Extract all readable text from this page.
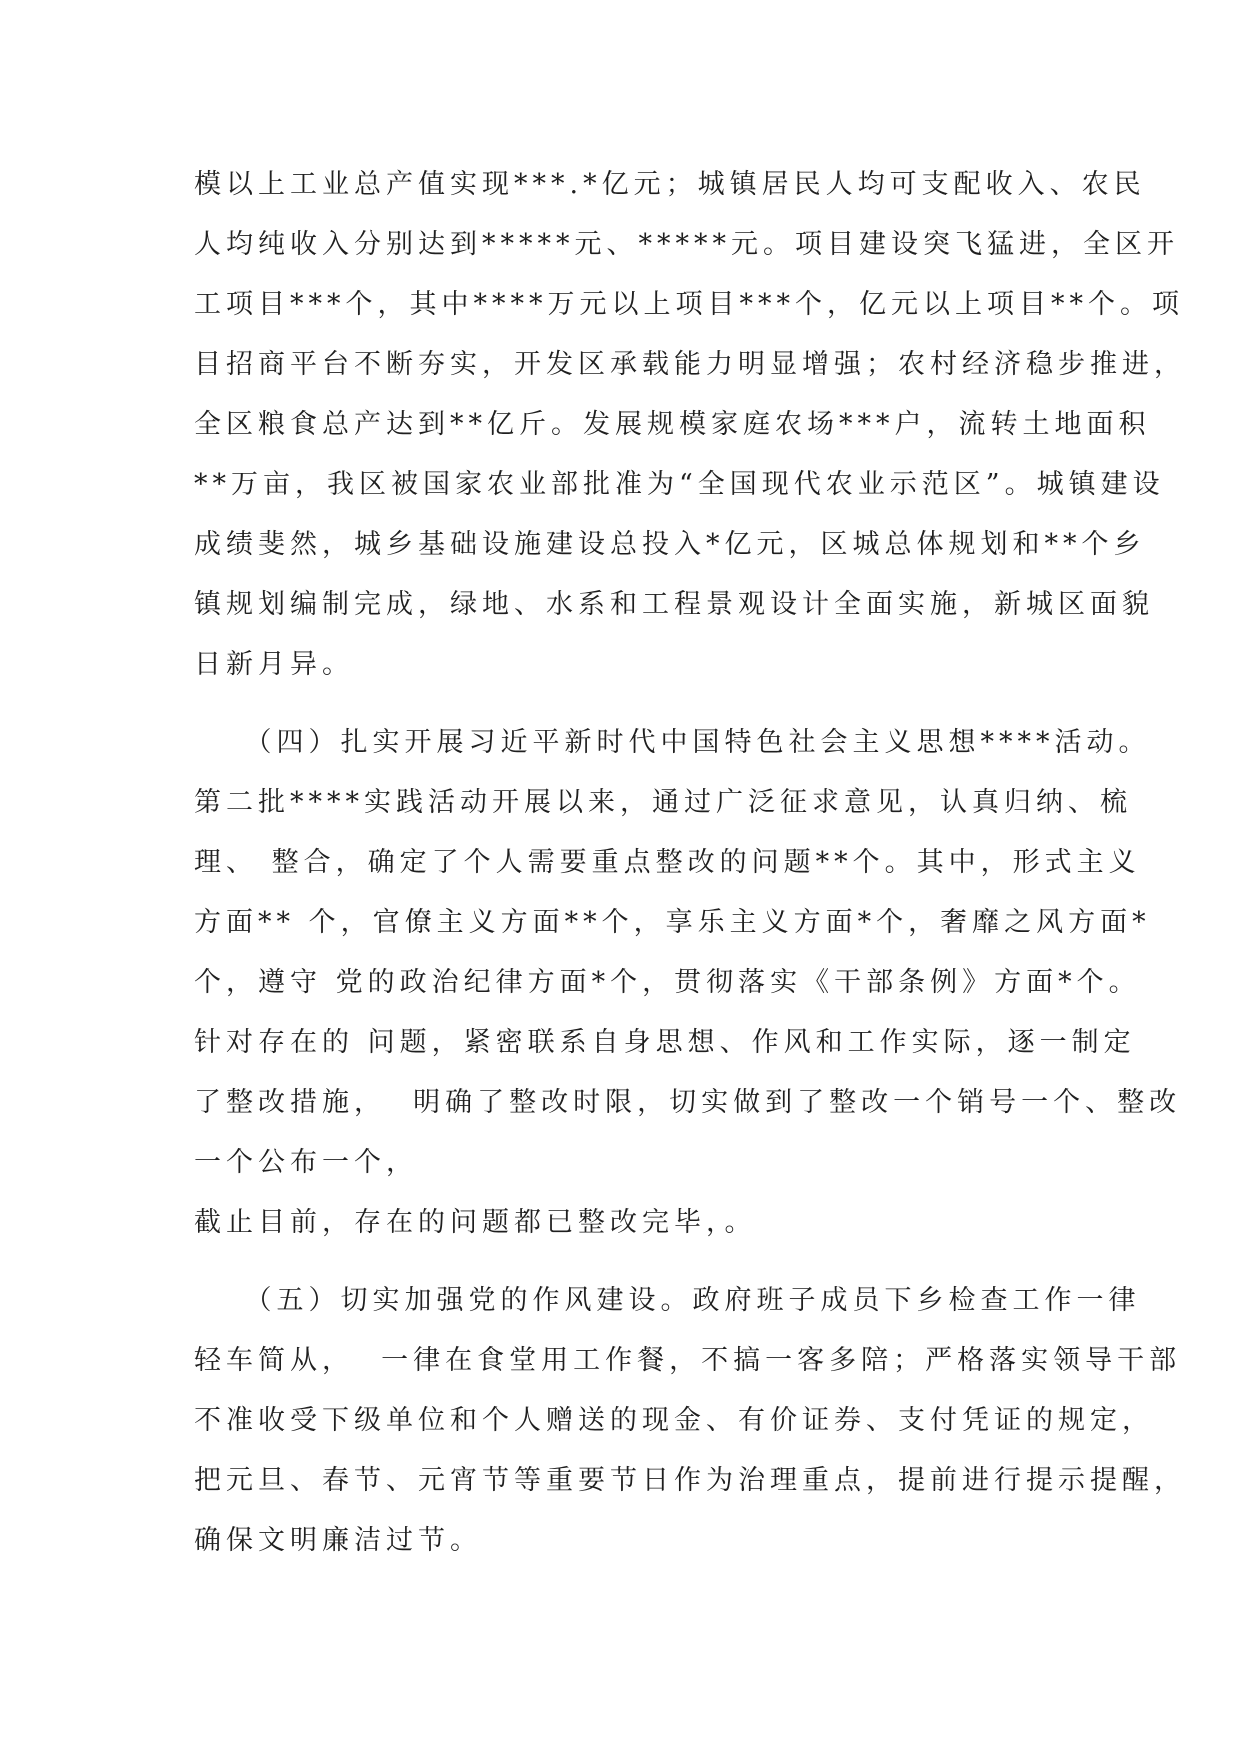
模以上工业总产值实现***.*亿元；城镇居民人均可支配收入、农民
人均纯收入分别达到*****元、*****元。项目建设突飞猛进，全区开
工项目***个，其中****万元以上项目***个，亿元以上项目**个。项
目招商平台不断夯实，开发区承载能力明显增强；农村经济稳步推进，
全区粮食总产达到**亿斤。发展规模家庭农场***户，流转土地面积
**万亩，我区被国家农业部批准为“全国现代农业示范区”。城镇建设
成绩斐然，城乡基础设施建设总投入*亿元，区城总体规划和**个乡
镇规划编制完成，绿地、水系和工程景观设计全面实施，新城区面貌
日新月异。
　　（四）扎实开展习近平新时代中国特色社会主义思想****活动。
第二批****实践活动开展以来，通过广泛征求意见，认真归纳、梳
理、 整合，确定了个人需要重点整改的问题**个。其中，形式主义
方面** 个，官僚主义方面**个，享乐主义方面*个，奢靡之风方面*
个，遵守 党的政治纪律方面*个，贯彻落实《干部条例》方面*个。
针对存在的 问题，紧密联系自身思想、作风和工作实际，逐一制定
了整改措施，  明确了整改时限，切实做到了整改一个销号一个、整改
一个公布一个，
截止目前，存在的问题都已整改完毕，。
　　（五）切实加强党的作风建设。政府班子成员下乡检查工作一律
轻车简从，  一律在食堂用工作餐，不搞一客多陪；严格落实领导干部
不准收受下级单位和个人赠送的现金、有价证券、支付凭证的规定，
把元旦、春节、元宵节等重要节日作为治理重点，提前进行提示提醒，
确保文明廉洁过节。
